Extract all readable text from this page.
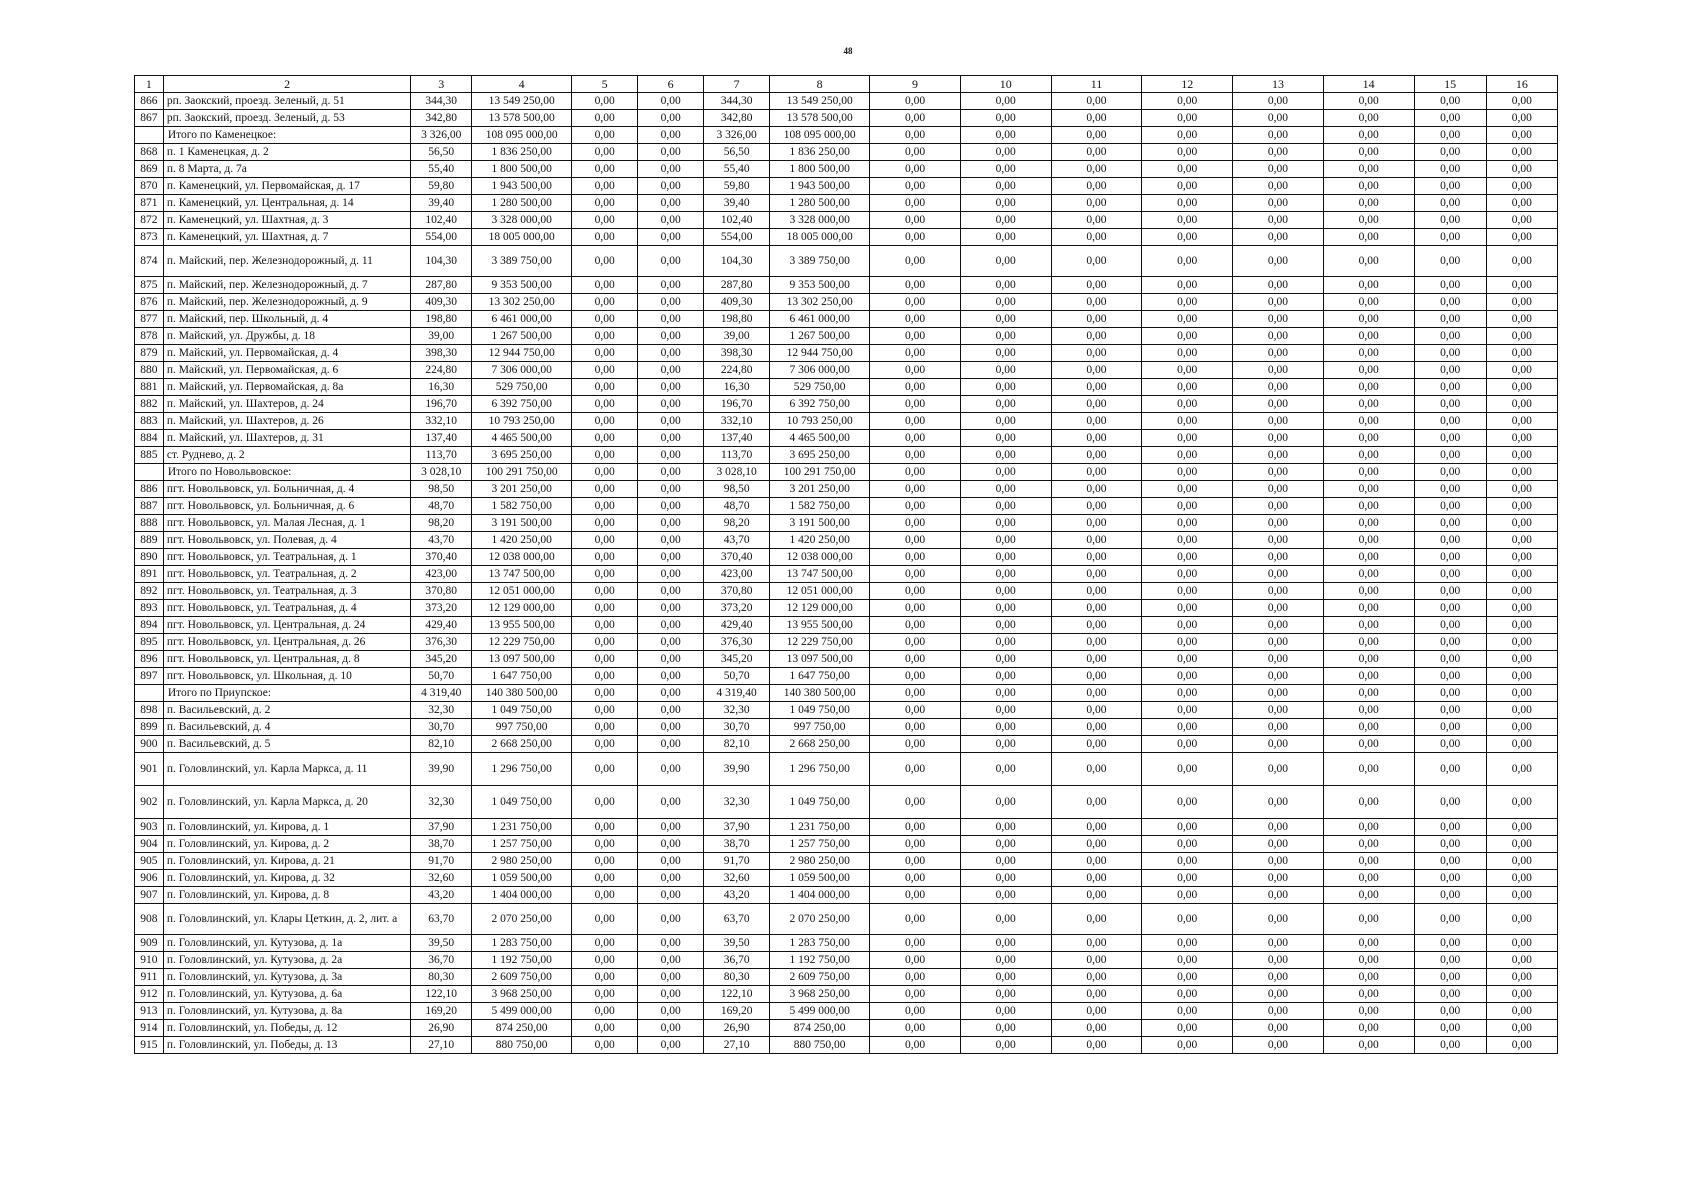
48
1	2	3	4	5	6	7	8	9	10	11	12	13	14	15	16
866	рп. Заокский, проезд. Зеленый, д. 51	344,30	13 549 250,00	0,00	0,00	344,30	13 549 250,00	0,00	0,00	0,00	0,00	0,00	0,00	0,00	0,00
867	рп. Заокский, проезд. Зеленый, д. 53	342,80	13 578 500,00	0,00	0,00	342,80	13 578 500,00	0,00	0,00	0,00	0,00	0,00	0,00	0,00	0,00
	Итого по Каменецкое:	3 326,00	108 095 000,00	0,00	0,00	3 326,00	108 095 000,00	0,00	0,00	0,00	0,00	0,00	0,00	0,00	0,00
868	п. 1 Каменецкая, д. 2	56,50	1 836 250,00	0,00	0,00	56,50	1 836 250,00	0,00	0,00	0,00	0,00	0,00	0,00	0,00	0,00
869	п. 8 Марта, д. 7а	55,40	1 800 500,00	0,00	0,00	55,40	1 800 500,00	0,00	0,00	0,00	0,00	0,00	0,00	0,00	0,00
870	п. Каменецкий, ул. Первомайская, д. 17	59,80	1 943 500,00	0,00	0,00	59,80	1 943 500,00	0,00	0,00	0,00	0,00	0,00	0,00	0,00	0,00
871	п. Каменецкий, ул. Центральная, д. 14	39,40	1 280 500,00	0,00	0,00	39,40	1 280 500,00	0,00	0,00	0,00	0,00	0,00	0,00	0,00	0,00
872	п. Каменецкий, ул. Шахтная, д. 3	102,40	3 328 000,00	0,00	0,00	102,40	3 328 000,00	0,00	0,00	0,00	0,00	0,00	0,00	0,00	0,00
873	п. Каменецкий, ул. Шахтная, д. 7	554,00	18 005 000,00	0,00	0,00	554,00	18 005 000,00	0,00	0,00	0,00	0,00	0,00	0,00	0,00	0,00
874	п. Майский, пер. Железнодорожный, д. 11	104,30	3 389 750,00	0,00	0,00	104,30	3 389 750,00	0,00	0,00	0,00	0,00	0,00	0,00	0,00	0,00
875	п. Майский, пер. Железнодорожный, д. 7	287,80	9 353 500,00	0,00	0,00	287,80	9 353 500,00	0,00	0,00	0,00	0,00	0,00	0,00	0,00	0,00
876	п. Майский, пер. Железнодорожный, д. 9	409,30	13 302 250,00	0,00	0,00	409,30	13 302 250,00	0,00	0,00	0,00	0,00	0,00	0,00	0,00	0,00
877	п. Майский, пер. Школьный, д. 4	198,80	6 461 000,00	0,00	0,00	198,80	6 461 000,00	0,00	0,00	0,00	0,00	0,00	0,00	0,00	0,00
878	п. Майский, ул. Дружбы, д. 18	39,00	1 267 500,00	0,00	0,00	39,00	1 267 500,00	0,00	0,00	0,00	0,00	0,00	0,00	0,00	0,00
879	п. Майский, ул. Первомайская, д. 4	398,30	12 944 750,00	0,00	0,00	398,30	12 944 750,00	0,00	0,00	0,00	0,00	0,00	0,00	0,00	0,00
880	п. Майский, ул. Первомайская, д. 6	224,80	7 306 000,00	0,00	0,00	224,80	7 306 000,00	0,00	0,00	0,00	0,00	0,00	0,00	0,00	0,00
881	п. Майский, ул. Первомайская, д. 8а	16,30	529 750,00	0,00	0,00	16,30	529 750,00	0,00	0,00	0,00	0,00	0,00	0,00	0,00	0,00
882	п. Майский, ул. Шахтеров, д. 24	196,70	6 392 750,00	0,00	0,00	196,70	6 392 750,00	0,00	0,00	0,00	0,00	0,00	0,00	0,00	0,00
883	п. Майский, ул. Шахтеров, д. 26	332,10	10 793 250,00	0,00	0,00	332,10	10 793 250,00	0,00	0,00	0,00	0,00	0,00	0,00	0,00	0,00
884	п. Майский, ул. Шахтеров, д. 31	137,40	4 465 500,00	0,00	0,00	137,40	4 465 500,00	0,00	0,00	0,00	0,00	0,00	0,00	0,00	0,00
885	ст. Руднево, д. 2	113,70	3 695 250,00	0,00	0,00	113,70	3 695 250,00	0,00	0,00	0,00	0,00	0,00	0,00	0,00	0,00
	Итого по Новольвовское:	3 028,10	100 291 750,00	0,00	0,00	3 028,10	100 291 750,00	0,00	0,00	0,00	0,00	0,00	0,00	0,00	0,00
886	пгт. Новольвовск, ул. Больничная, д. 4	98,50	3 201 250,00	0,00	0,00	98,50	3 201 250,00	0,00	0,00	0,00	0,00	0,00	0,00	0,00	0,00
887	пгт. Новольвовск, ул. Больничная, д. 6	48,70	1 582 750,00	0,00	0,00	48,70	1 582 750,00	0,00	0,00	0,00	0,00	0,00	0,00	0,00	0,00
888	пгт. Новольвовск, ул. Малая Лесная, д. 1	98,20	3 191 500,00	0,00	0,00	98,20	3 191 500,00	0,00	0,00	0,00	0,00	0,00	0,00	0,00	0,00
889	пгт. Новольвовск, ул. Полевая, д. 4	43,70	1 420 250,00	0,00	0,00	43,70	1 420 250,00	0,00	0,00	0,00	0,00	0,00	0,00	0,00	0,00
890	пгт. Новольвовск, ул. Театральная, д. 1	370,40	12 038 000,00	0,00	0,00	370,40	12 038 000,00	0,00	0,00	0,00	0,00	0,00	0,00	0,00	0,00
891	пгт. Новольвовск, ул. Театральная, д. 2	423,00	13 747 500,00	0,00	0,00	423,00	13 747 500,00	0,00	0,00	0,00	0,00	0,00	0,00	0,00	0,00
892	пгт. Новольвовск, ул. Театральная, д. 3	370,80	12 051 000,00	0,00	0,00	370,80	12 051 000,00	0,00	0,00	0,00	0,00	0,00	0,00	0,00	0,00
893	пгт. Новольвовск, ул. Театральная, д. 4	373,20	12 129 000,00	0,00	0,00	373,20	12 129 000,00	0,00	0,00	0,00	0,00	0,00	0,00	0,00	0,00
894	пгт. Новольвовск, ул. Центральная, д. 24	429,40	13 955 500,00	0,00	0,00	429,40	13 955 500,00	0,00	0,00	0,00	0,00	0,00	0,00	0,00	0,00
895	пгт. Новольвовск, ул. Центральная, д. 26	376,30	12 229 750,00	0,00	0,00	376,30	12 229 750,00	0,00	0,00	0,00	0,00	0,00	0,00	0,00	0,00
896	пгт. Новольвовск, ул. Центральная, д. 8	345,20	13 097 500,00	0,00	0,00	345,20	13 097 500,00	0,00	0,00	0,00	0,00	0,00	0,00	0,00	0,00
897	пгт. Новольвовск, ул. Школьная, д. 10	50,70	1 647 750,00	0,00	0,00	50,70	1 647 750,00	0,00	0,00	0,00	0,00	0,00	0,00	0,00	0,00
	Итого по Приупское:	4 319,40	140 380 500,00	0,00	0,00	4 319,40	140 380 500,00	0,00	0,00	0,00	0,00	0,00	0,00	0,00	0,00
898	п. Васильевский, д. 2	32,30	1 049 750,00	0,00	0,00	32,30	1 049 750,00	0,00	0,00	0,00	0,00	0,00	0,00	0,00	0,00
899	п. Васильевский, д. 4	30,70	997 750,00	0,00	0,00	30,70	997 750,00	0,00	0,00	0,00	0,00	0,00	0,00	0,00	0,00
900	п. Васильевский, д. 5	82,10	2 668 250,00	0,00	0,00	82,10	2 668 250,00	0,00	0,00	0,00	0,00	0,00	0,00	0,00	0,00
901	п. Головлинский, ул. Карла Маркса, д. 11	39,90	1 296 750,00	0,00	0,00	39,90	1 296 750,00	0,00	0,00	0,00	0,00	0,00	0,00	0,00	0,00
902	п. Головлинский, ул. Карла Маркса, д. 20	32,30	1 049 750,00	0,00	0,00	32,30	1 049 750,00	0,00	0,00	0,00	0,00	0,00	0,00	0,00	0,00
903	п. Головлинский, ул. Кирова, д. 1	37,90	1 231 750,00	0,00	0,00	37,90	1 231 750,00	0,00	0,00	0,00	0,00	0,00	0,00	0,00	0,00
904	п. Головлинский, ул. Кирова, д. 2	38,70	1 257 750,00	0,00	0,00	38,70	1 257 750,00	0,00	0,00	0,00	0,00	0,00	0,00	0,00	0,00
905	п. Головлинский, ул. Кирова, д. 21	91,70	2 980 250,00	0,00	0,00	91,70	2 980 250,00	0,00	0,00	0,00	0,00	0,00	0,00	0,00	0,00
906	п. Головлинский, ул. Кирова, д. 32	32,60	1 059 500,00	0,00	0,00	32,60	1 059 500,00	0,00	0,00	0,00	0,00	0,00	0,00	0,00	0,00
907	п. Головлинский, ул. Кирова, д. 8	43,20	1 404 000,00	0,00	0,00	43,20	1 404 000,00	0,00	0,00	0,00	0,00	0,00	0,00	0,00	0,00
908	п. Головлинский, ул. Клары Цеткин, д. 2, лит. а	63,70	2 070 250,00	0,00	0,00	63,70	2 070 250,00	0,00	0,00	0,00	0,00	0,00	0,00	0,00	0,00
909	п. Головлинский, ул. Кутузова, д. 1а	39,50	1 283 750,00	0,00	0,00	39,50	1 283 750,00	0,00	0,00	0,00	0,00	0,00	0,00	0,00	0,00
910	п. Головлинский, ул. Кутузова, д. 2а	36,70	1 192 750,00	0,00	0,00	36,70	1 192 750,00	0,00	0,00	0,00	0,00	0,00	0,00	0,00	0,00
911	п. Головлинский, ул. Кутузова, д. 3а	80,30	2 609 750,00	0,00	0,00	80,30	2 609 750,00	0,00	0,00	0,00	0,00	0,00	0,00	0,00	0,00
912	п. Головлинский, ул. Кутузова, д. 6а	122,10	3 968 250,00	0,00	0,00	122,10	3 968 250,00	0,00	0,00	0,00	0,00	0,00	0,00	0,00	0,00
913	п. Головлинский, ул. Кутузова, д. 8а	169,20	5 499 000,00	0,00	0,00	169,20	5 499 000,00	0,00	0,00	0,00	0,00	0,00	0,00	0,00	0,00
914	п. Головлинский, ул. Победы, д. 12	26,90	874 250,00	0,00	0,00	26,90	874 250,00	0,00	0,00	0,00	0,00	0,00	0,00	0,00	0,00
915	п. Головлинский, ул. Победы, д. 13	27,10	880 750,00	0,00	0,00	27,10	880 750,00	0,00	0,00	0,00	0,00	0,00	0,00	0,00	0,00
